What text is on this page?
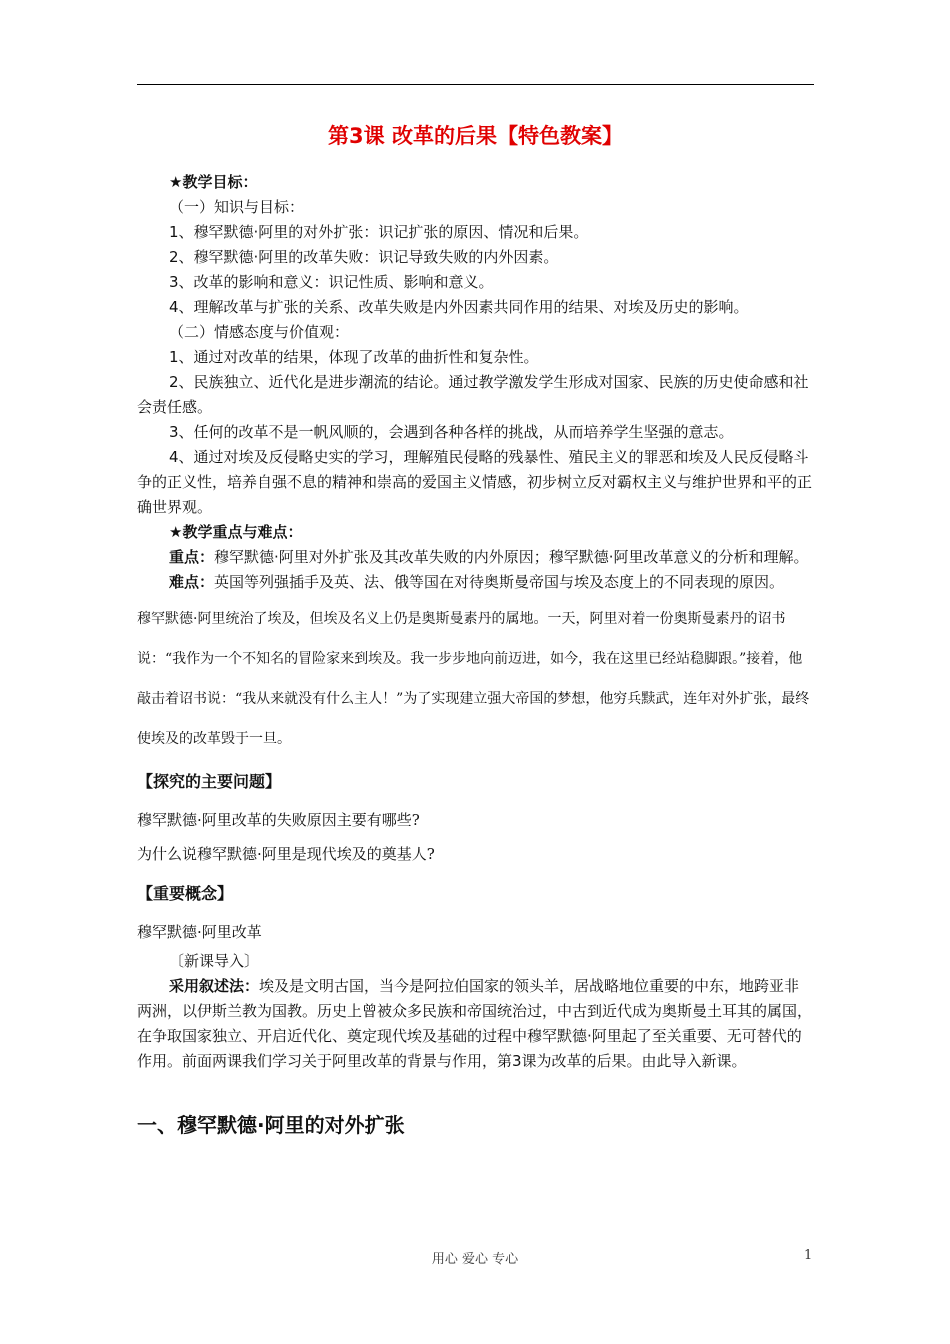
第3课 改革的后果【特色教案】

★教学目标：

（一）知识与目标：

1、穆罕默德·阿里的对外扩张：识记扩张的原因、情况和后果。

2、穆罕默德·阿里的改革失败：识记导致失败的内外因素。

3、改革的影响和意义：识记性质、影响和意义。

4、理解改革与扩张的关系、改革失败是内外因素共同作用的结果、对埃及历史的影响。

（二）情感态度与价值观：

1、通过对改革的结果，体现了改革的曲折性和复杂性。

2、民族独立、近代化是进步潮流的结论。通过教学激发学生形成对国家、民族的历史使命感和社会责任感。

3、任何的改革不是一帆风顺的，会遇到各种各样的挑战，从而培养学生坚强的意志。

4、通过对埃及反侵略史实的学习，理解殖民侵略的残暴性、殖民主义的罪恶和埃及人民反侵略斗争的正义性，培养自强不息的精神和崇高的爱国主义情感，初步树立反对霸权主义与维护世界和平的正确世界观。

★教学重点与难点：

重点：穆罕默德·阿里对外扩张及其改革失败的内外原因；穆罕默德·阿里改革意义的分析和理解。

难点：英国等列强插手及英、法、俄等国在对待奥斯曼帝国与埃及态度上的不同表现的原因。

穆罕默德·阿里统治了埃及，但埃及名义上仍是奥斯曼素丹的属地。一天，阿里对着一份奥斯曼素丹的诏书说：“我作为一个不知名的冒险家来到埃及。我一步步地向前迈进，如今，我在这里已经站稳脚跟。”接着，他敲击着诏书说：“我从来就没有什么主人！”为了实现建立强大帝国的梦想，他穷兵黩武，连年对外扩张，最终使埃及的改革毁于一旦。

【探究的主要问题】
穆罕默德·阿里改革的失败原因主要有哪些?
为什么说穆罕默德·阿里是现代埃及的奠基人?
【重要概念】
穆罕默德·阿里改革

〔新课导入〕

采用叙述法：埃及是文明古国，当今是阿拉伯国家的领头羊，居战略地位重要的中东，地跨亚非两洲，以伊斯兰教为国教。历史上曾被众多民族和帝国统治过，中古到近代成为奥斯曼土耳其的属国，在争取国家独立、开启近代化、奠定现代埃及基础的过程中穆罕默德·阿里起了至关重要、无可替代的作用。前面两课我们学习关于阿里改革的背景与作用，第3课为改革的后果。由此导入新课。

一、穆罕默德·阿里的对外扩张
用心 爱心 专心	1
